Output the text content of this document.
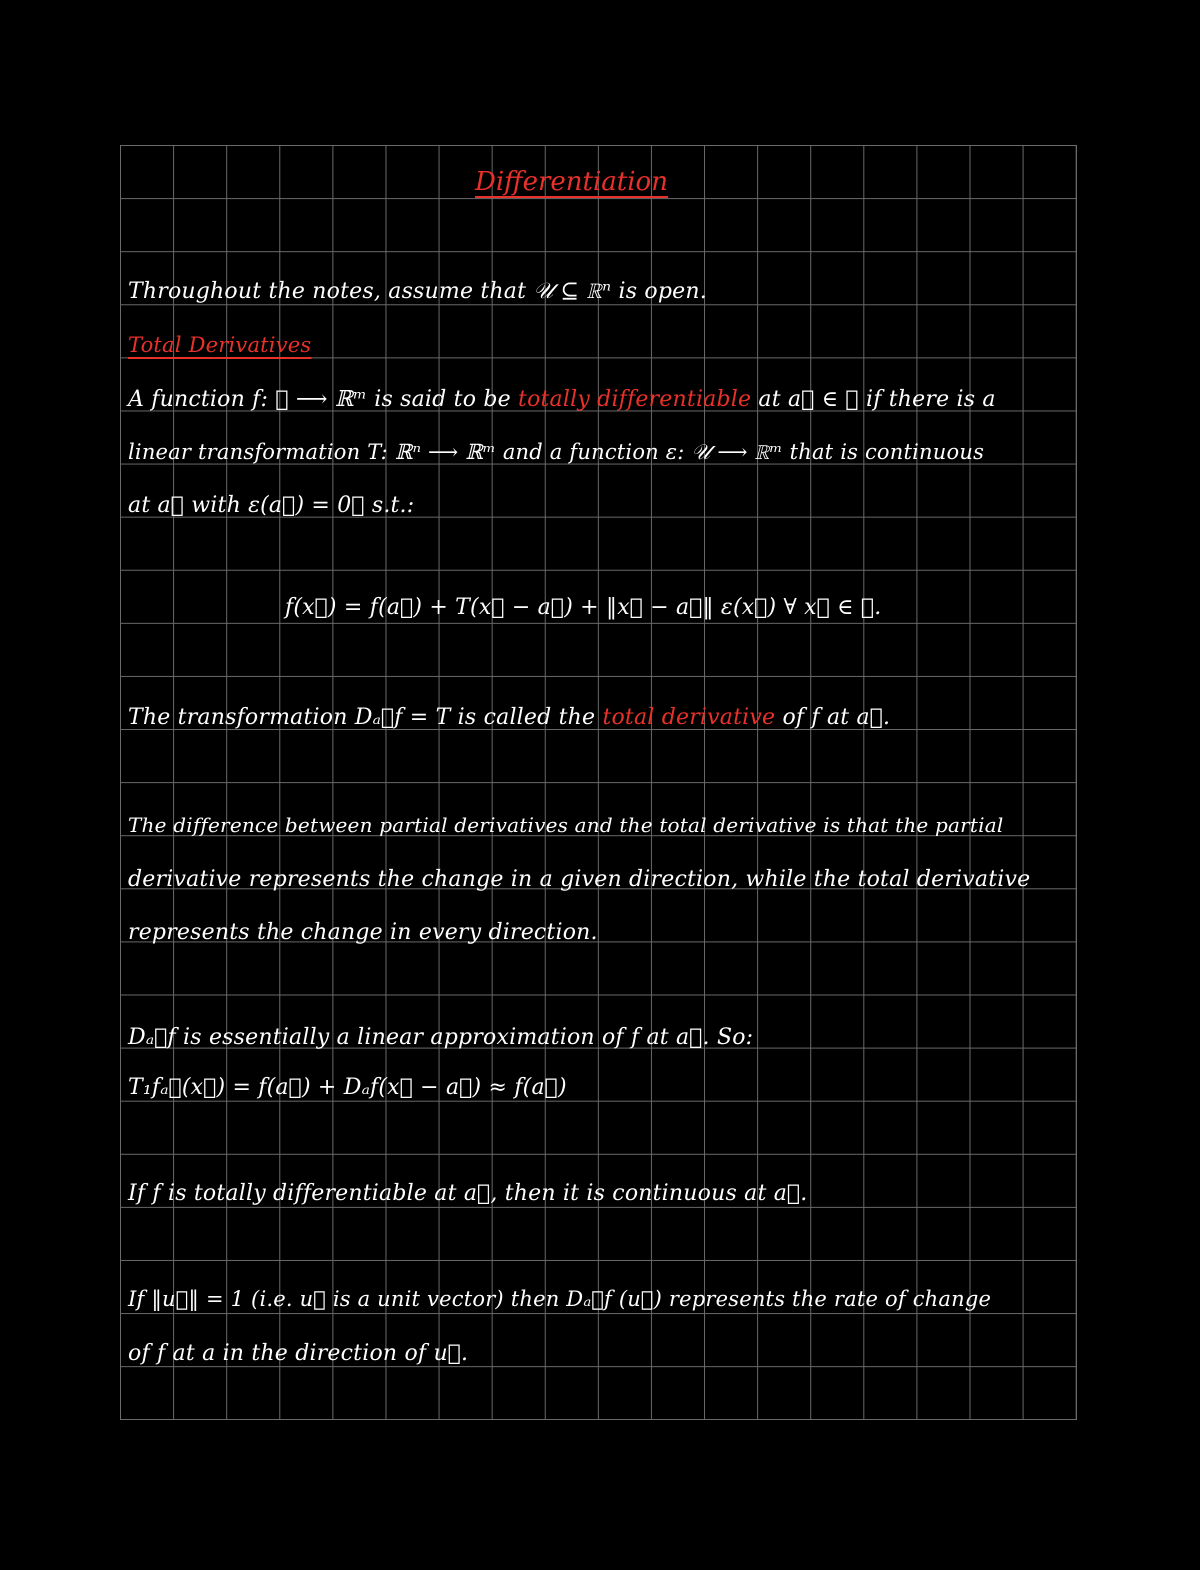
Differentiation

Throughout the notes, assume that 𝒰 ⊆ ℝⁿ is open.

Total Derivatives

A function f: 𝒰 ⟶ ℝᵐ is said to be totally differentiable at a⃗ ∈ 𝒰 if there is a

linear transformation T: ℝⁿ ⟶ ℝᵐ and a function ε: 𝒰 ⟶ ℝᵐ that is continuous

at a⃗ with ε(a⃗) = 0⃗ s.t.:

f(x⃗) = f(a⃗) + T(x⃗ − a⃗) + ‖x⃗ − a⃗‖ ε(x⃗) ∀ x⃗ ∈ 𝒰.

The transformation Dₐ⃗f = T is called the total derivative of f at a⃗.

The difference between partial derivatives and the total derivative is that the partial

derivative represents the change in a given direction, while the total derivative

represents the change in every direction.

Dₐ⃗f is essentially a linear approximation of f at a⃗. So:

T₁fₐ⃗(x⃗) = f(a⃗) + Dₐf(x⃗ − a⃗) ≈ f(a⃗)

If f is totally differentiable at a⃗, then it is continuous at a⃗.

If ‖u⃗‖ = 1 (i.e. u⃗ is a unit vector) then Dₐ⃗f (u⃗) represents the rate of change

of f at a in the direction of u⃗.
